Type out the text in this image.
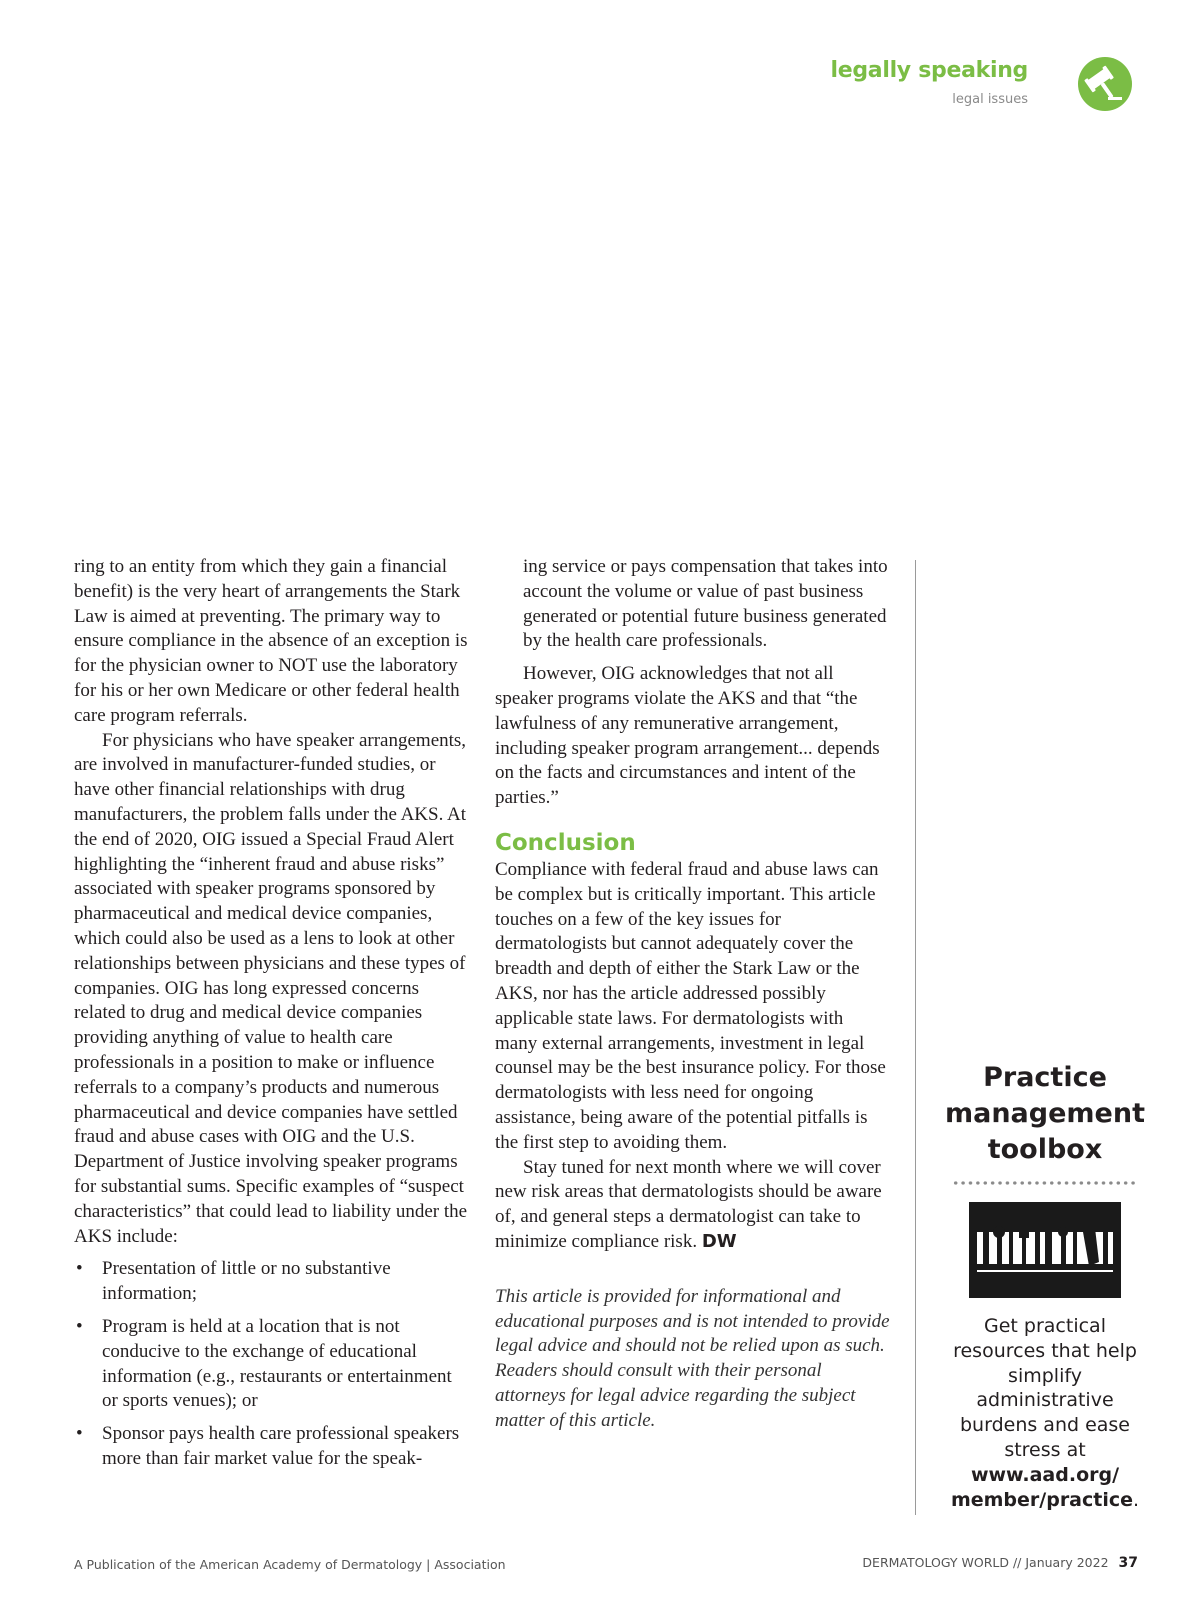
legally speaking
legal issues

ring to an entity from which they gain a financial benefit) is the very heart of arrangements the Stark Law is aimed at preventing. The primary way to ensure compliance in the absence of an exception is for the physician owner to NOT use the laboratory for his or her own Medicare or other federal health care program referrals.

For physicians who have speaker arrangements, are involved in manufacturer-funded studies, or have other financial relationships with drug manufacturers, the problem falls under the AKS. At the end of 2020, OIG issued a Special Fraud Alert highlighting the “inherent fraud and abuse risks” associated with speaker programs sponsored by pharmaceutical and medical device companies, which could also be used as a lens to look at other relationships between physicians and these types of companies. OIG has long expressed concerns related to drug and medical device companies providing anything of value to health care professionals in a position to make or influence referrals to a company’s products and numerous pharmaceutical and device companies have settled fraud and abuse cases with OIG and the U.S. Department of Justice involving speaker programs for substantial sums. Specific examples of “suspect characteristics” that could lead to liability under the AKS include:

• Presentation of little or no substantive information;
• Program is held at a location that is not conducive to the exchange of educational information (e.g., restaurants or entertainment or sports venues); or
• Sponsor pays health care professional speakers more than fair market value for the speak-

ing service or pays compensation that takes into account the volume or value of past business generated or potential future business generated by the health care professionals.

However, OIG acknowledges that not all speaker programs violate the AKS and that “the lawfulness of any remunerative arrangement, including speaker program arrangement... depends on the facts and circumstances and intent of the parties.”

Conclusion

Compliance with federal fraud and abuse laws can be complex but is critically important. This article touches on a few of the key issues for dermatologists but cannot adequately cover the breadth and depth of either the Stark Law or the AKS, nor has the article addressed possibly applicable state laws. For dermatologists with many external arrangements, investment in legal counsel may be the best insurance policy. For those dermatologists with less need for ongoing assistance, being aware of the potential pitfalls is the first step to avoiding them.

Stay tuned for next month where we will cover new risk areas that dermatologists should be aware of, and general steps a dermatologist can take to minimize compliance risk. DW

This article is provided for informational and educational purposes and is not intended to provide legal advice and should not be relied upon as such. Readers should consult with their personal attorneys for legal advice regarding the subject matter of this article.

Practice
management
toolbox
Get practical resources that help simplify administrative burdens and ease stress at www.aad.org/ member/practice.
A Publication of the American Academy of Dermatology | Association	DERMATOLOGY WORLD // January 2022 37
